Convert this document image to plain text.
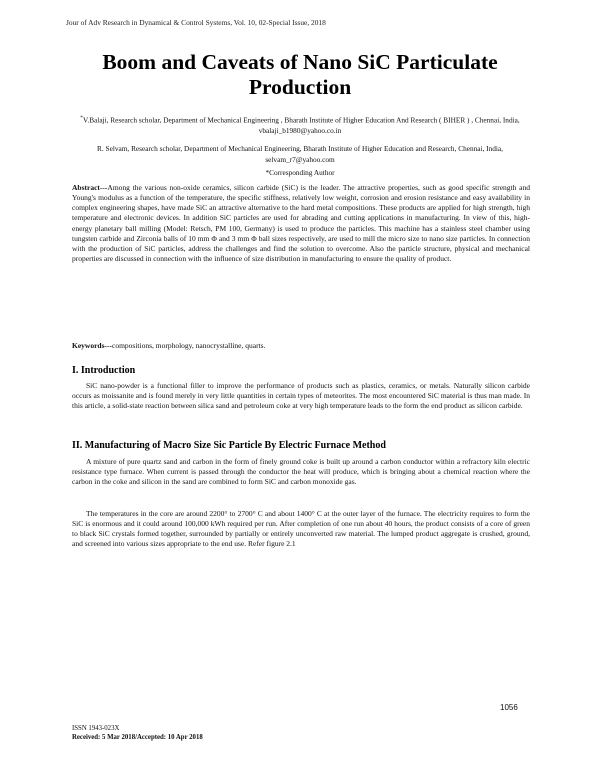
Jour of Adv Research in Dynamical & Control Systems, Vol. 10, 02-Special Issue, 2018
Boom and Caveats of Nano SiC Particulate Production
*V.Balaji, Research scholar, Department of Mechanical Engineering , Bharath Institute of Higher Education And Research ( BIHER ) , Chennai, India, vbalaji_b1980@yahoo.co.in
R. Selvam, Research scholar, Department of Mechanical Engineering, Bharath Institute of Higher Education and Research, Chennai, India, selvam_r7@yahoo.com
*Corresponding Author
Abstract---Among the various non-oxide ceramics, silicon carbide (SiC) is the leader. The attractive properties, such as good specific strength and Young's modulus as a function of the temperature, the specific stiffness, relatively low weight, corrosion and erosion resistance and easy availability in complex engineering shapes, have made SiC an attractive alternative to the hard metal compositions. These products are applied for high strength, high temperature and electronic devices. In addition SiC particles are used for abrading and cutting applications in manufacturing. In view of this, high-energy planetary ball milling (Model: Retsch, PM 100, Germany) is used to produce the particles. This machine has a stainless steel chamber using tungsten carbide and Zirconia balls of 10 mm Φ and 3 mm Φ ball sizes respectively, are used to mill the micro size to nano size particles. In connection with the production of SiC particles, address the challenges and find the solution to overcome. Also the particle structure, physical and mechanical properties are discussed in connection with the influence of size distribution in manufacturing to ensure the quality of product.
Keywords---compositions, morphology, nanocrystalline, quarts.
I. Introduction
SiC nano-powder is a functional filler to improve the performance of products such as plastics, ceramics, or metals. Naturally silicon carbide occurs as moissanite and is found merely in very little quantities in certain types of meteorites. The most encountered SiC material is thus man made. In this article, a solid-state reaction between silica sand and petroleum coke at very high temperature leads to the form the end product as silicon carbide.
II. Manufacturing of Macro Size Sic Particle By Electric Furnace Method
A mixture of pure quartz sand and carbon in the form of finely ground coke is built up around a carbon conductor within a refractory kiln electric resistance type furnace. When current is passed through the conductor the heat will produce, which is bringing about a chemical reaction where the carbon in the coke and silicon in the sand are combined to form SiC and carbon monoxide gas.
The temperatures in the core are around 2200° to 2700° C and about 1400° C at the outer layer of the furnace. The electricity requires to form the SiC is enormous and it could around 100,000 kWh required per run. After completion of one run about 40 hours, the product consists of a core of green to black SiC crystals formed together, surrounded by partially or entirely unconverted raw material. The lumped product aggregate is crushed, ground, and screened into various sizes appropriate to the end use. Refer figure 2.1
1056
ISSN 1943-023X
Received: 5 Mar 2018/Accepted: 10 Apr 2018
